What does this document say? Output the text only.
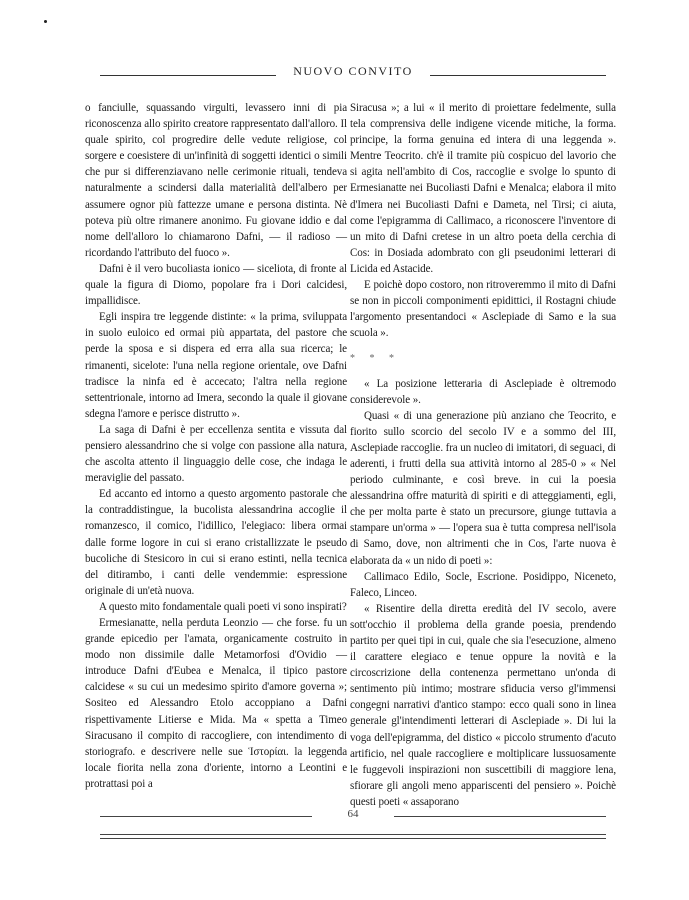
NUOVO CONVITO

o fanciulle, squassando virgulti, levassero inni di pia riconoscenza allo spirito creatore rappresentato dall'alloro. Il quale spirito, col progredire delle vedute religiose, col sorgere e coesistere di un'infinità di soggetti identici o simili che pur si differenziavano nelle cerimonie rituali, tendeva naturalmente a scindersi dalla materialità dell'albero per assumere ognor più fattezze umane e persona distinta. Nè poteva più oltre rimanere anonimo. Fu giovane iddio e dal nome dell'alloro lo chiamarono Dafni, — il radioso — ricordando l'attributo del fuoco ».

Dafni è il vero bucoliasta ionico — siceliota, di fronte al quale la figura di Diomo, popolare fra i Dori calcidesi, impallidisce.

Egli inspira tre leggende distinte: « la prima, sviluppata in suolo euloico ed ormai più appartata, del pastore che perde la sposa e si dispera ed erra alla sua ricerca; le rimanenti, sicelote: l'una nella regione orientale, ove Dafni tradisce la ninfa ed è accecato; l'altra nella regione settentrionale, intorno ad Imera, secondo la quale il giovane sdegna l'amore e perisce distrutto ».

La saga di Dafni è per eccellenza sentita e vissuta dal pensiero alessandrino che si volge con passione alla natura, che ascolta attento il linguaggio delle cose, che indaga le meraviglie del passato.

Ed accanto ed intorno a questo argomento pastorale che la contraddistingue, la bucolista alessandrina accoglie il romanzesco, il comico, l'idillico, l'elegiaco: libera ormai dalle forme logore in cui si erano cristallizzate le pseudo bucoliche di Stesicoro in cui si erano estinti, nella tecnica del ditirambo, i canti delle vendemmie: espressione originale di un'età nuova.

A questo mito fondamentale quali poeti vi sono inspirati?

Ermesianatte, nella perduta Leonzio — che forse. fu un grande epicedio per l'amata, organicamente costruito in modo non dissimile dalle Metamorfosi d'Ovidio — introduce Dafni d'Eubea e Menalca, il tipico pastore calcidese « su cui un medesimo spirito d'amore governa »; Sositeo ed Alessandro Etolo accoppiano a Dafni rispettivamente Litierse e Mida. Ma « spetta a Timeo Siracusano il compito di raccogliere, con intendimento di storiografo. e descrivere nelle sue Ἱστορίαι. la leggenda locale fiorita nella zona d'oriente, intorno a Leontini e protrattasi poi a

Siracusa »; a lui « il merito di proiettare fedelmente, sulla tela comprensiva delle indigene vicende mitiche, la forma. principe, la forma genuina ed intera di una leggenda ». Mentre Teocrito. ch'è il tramite più cospicuo del lavorio che si agita nell'ambito di Cos, raccoglie e svolge lo spunto di Ermesianatte nei Bucoliasti Dafni e Menalca; elabora il mito d'Imera nei Bucoliasti Dafni e Dameta, nel Tirsi; ci aiuta, come l'epigramma di Callimaco, a riconoscere l'inventore di un mito di Dafni cretese in un altro poeta della cerchia di Cos: in Dosiada adombrato con gli pseudonimi letterari di Licida ed Astacide.

E poichè dopo costoro, non ritroveremmo il mito di Dafni se non in piccoli componimenti epidittici, il Rostagni chiude l'argomento presentandoci « Asclepiade di Samo e la sua scuola ».

* * *

« La posizione letteraria di Asclepiade è oltremodo considerevole ».

Quasi « di una generazione più anziano che Teocrito, e fiorito sullo scorcio del secolo IV e a sommo del III, Asclepiade raccoglie. fra un nucleo di imitatori, di seguaci, di aderenti, i frutti della sua attività intorno al 285-0 » « Nel periodo culminante, e così breve. in cui la poesia alessandrina offre maturità di spiriti e di atteggiamenti, egli, che per molta parte è stato un precursore, giunge tuttavia a stampare un'orma » — l'opera sua è tutta compresa nell'isola di Samo, dove, non altrimenti che in Cos, l'arte nuova è elaborata da « un nido di poeti »:

Callimaco Edilo, Socle, Escrione. Posidippo, Niceneto, Faleco, Linceo.

« Risentire della diretta eredità del IV secolo, avere sott'occhio il problema della grande poesia, prendendo partito per quei tipi in cui, quale che sia l'esecuzione, almeno il carattere elegiaco e tenue oppure la novità e la circoscrizione della contenenza permettano un'onda di sentimento più intimo; mostrare sfiducia verso gl'immensi congegni narrativi d'antico stampo: ecco quali sono in linea generale gl'intendimenti letterari di Asclepiade ». Di lui la voga dell'epigramma, del distico « piccolo strumento d'acuto artificio, nel quale raccogliere e moltiplicare lussuosamente le fuggevoli inspirazioni non suscettibili di maggiore lena, sfiorare gli angoli meno appariscenti del pensiero ». Poichè questi poeti « assaporano

64
